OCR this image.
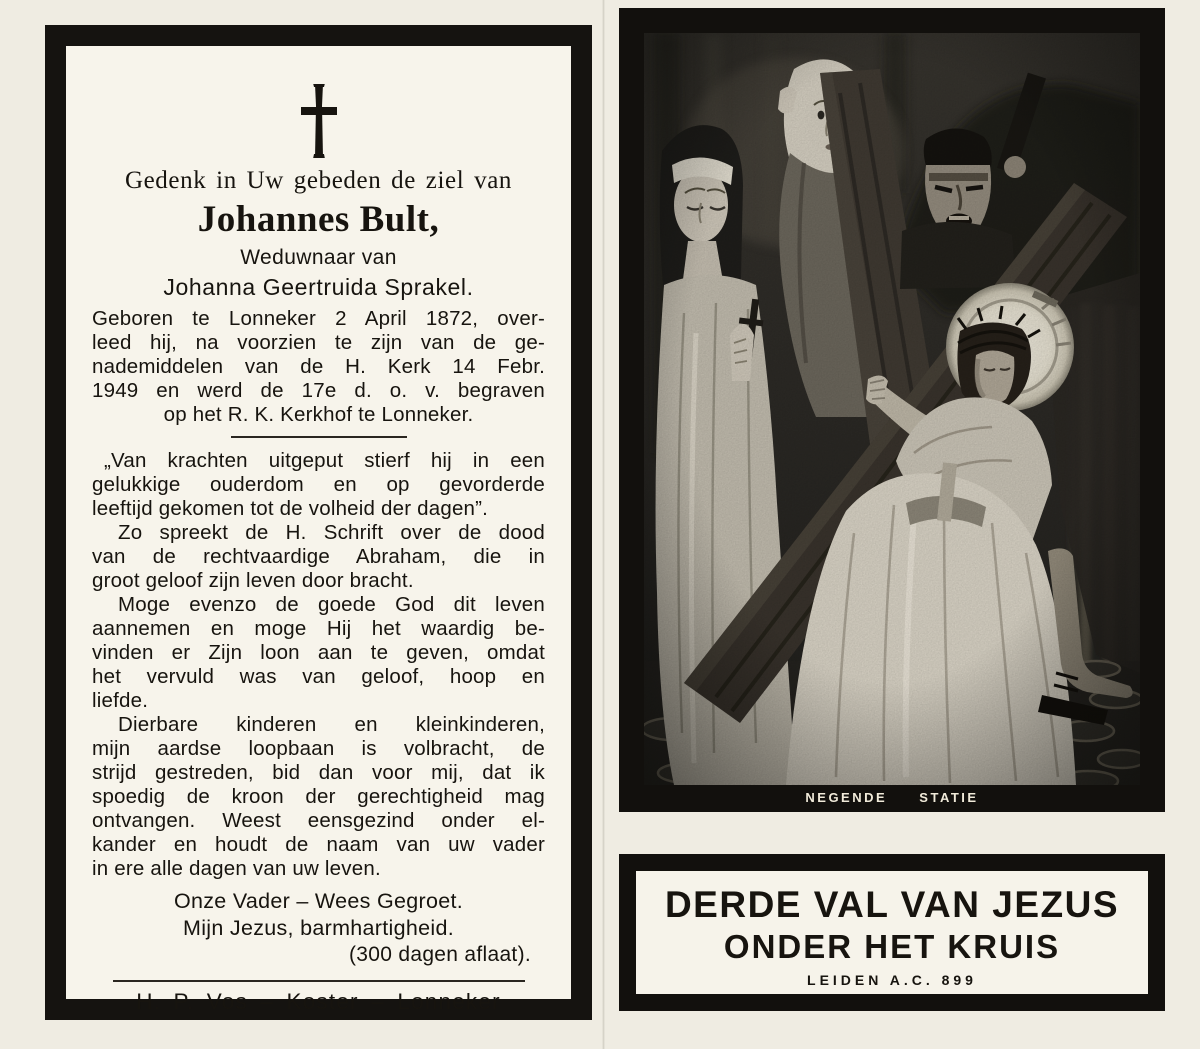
Gedenk in Uw gebeden de ziel van
Johannes Bult,
Weduwnaar van
Johanna Geertruida Sprakel.
Geboren te Lonneker 2 April 1872, over-
leed hij, na voorzien te zijn van de ge-
nademiddelen van de H. Kerk 14 Febr.
1949 en werd de 17e d. o. v. begraven
op het R. K. Kerkhof te Lonneker.
„Van krachten uitgeput stierf hij in een
gelukkige ouderdom en op gevorderde
leeftijd gekomen tot de volheid der dagen”.
Zo spreekt de H. Schrift over de dood
van de rechtvaardige Abraham, die in
groot geloof zijn leven door bracht.
Moge evenzo de goede God dit leven
aannemen en moge Hij het waardig be-
vinden er Zijn loon aan te geven, omdat
het vervuld was van geloof, hoop en
liefde.
Dierbare kinderen en kleinkinderen,
mijn aardse loopbaan is volbracht, de
strijd gestreden, bid dan voor mij, dat ik
spoedig de kroon der gerechtigheid mag
ontvangen. Weest eensgezind onder el-
kander en houdt de naam van uw vader
in ere alle dagen van uw leven.
Onze Vader – Wees Gegroet.
Mijn Jezus, barmhartigheid.
(300 dagen aflaat).
H. P. Vos – Koster – Lonneker
NEGENDE STATIE
DERDE VAL VAN JEZUS
ONDER HET KRUIS
LEIDEN A.C. 899
